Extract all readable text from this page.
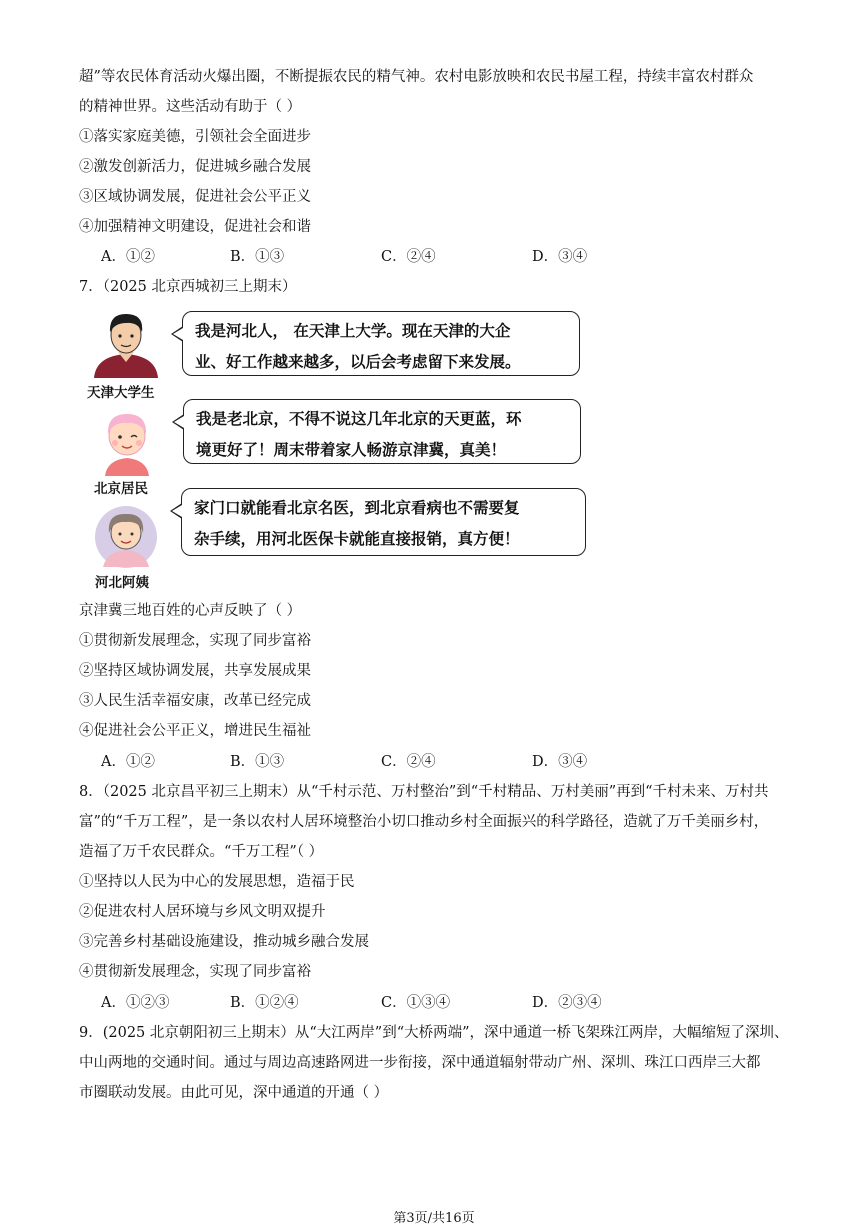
超”等农民体育活动火爆出圈，不断提振农民的精气神。农村电影放映和农民书屋工程，持续丰富农村群众
的精神世界。这些活动有助于（ ）
①落实家庭美德，引领社会全面进步
②激发创新活力，促进城乡融合发展
③区域协调发展，促进社会公平正义
④加强精神文明建设，促进社会和谐
A．①②	B．①③	C．②④	D．③④
7．（2025 北京西城初三上期末）
天津大学生
我是河北人， 在天津上大学。现在天津的大企
业、好工作越来越多，以后会考虑留下来发展。
北京居民
我是老北京，不得不说这几年北京的天更蓝，环
境更好了！周末带着家人畅游京津冀，真美！
河北阿姨
家门口就能看北京名医，到北京看病也不需要复
杂手续，用河北医保卡就能直接报销，真方便！
京津冀三地百姓的心声反映了（ ）
①贯彻新发展理念，实现了同步富裕
②坚持区域协调发展，共享发展成果
③人民生活幸福安康，改革已经完成
④促进社会公平正义，增进民生福祉
A．①②	B．①③	C．②④	D．③④
8．（2025 北京昌平初三上期末）从“千村示范、万村整治”到“千村精品、万村美丽”再到“千村未来、万村共
富”的“千万工程”，是一条以农村人居环境整治小切口推动乡村全面振兴的科学路径，造就了万千美丽乡村，
造福了万千农民群众。“千万工程”（ ）
①坚持以人民为中心的发展思想，造福于民
②促进农村人居环境与乡风文明双提升
③完善乡村基础设施建设，推动城乡融合发展
④贯彻新发展理念，实现了同步富裕
A．①②③	B．①②④	C．①③④	D．②③④
9．(2025 北京朝阳初三上期末）从“大江两岸”到“大桥两端”，深中通道一桥飞架珠江两岸，大幅缩短了深圳、
中山两地的交通时间。通过与周边高速路网进一步衔接，深中通道辐射带动广州、深圳、珠江口西岸三大都
市圈联动发展。由此可见，深中通道的开通（ ）
第3页/共16页
